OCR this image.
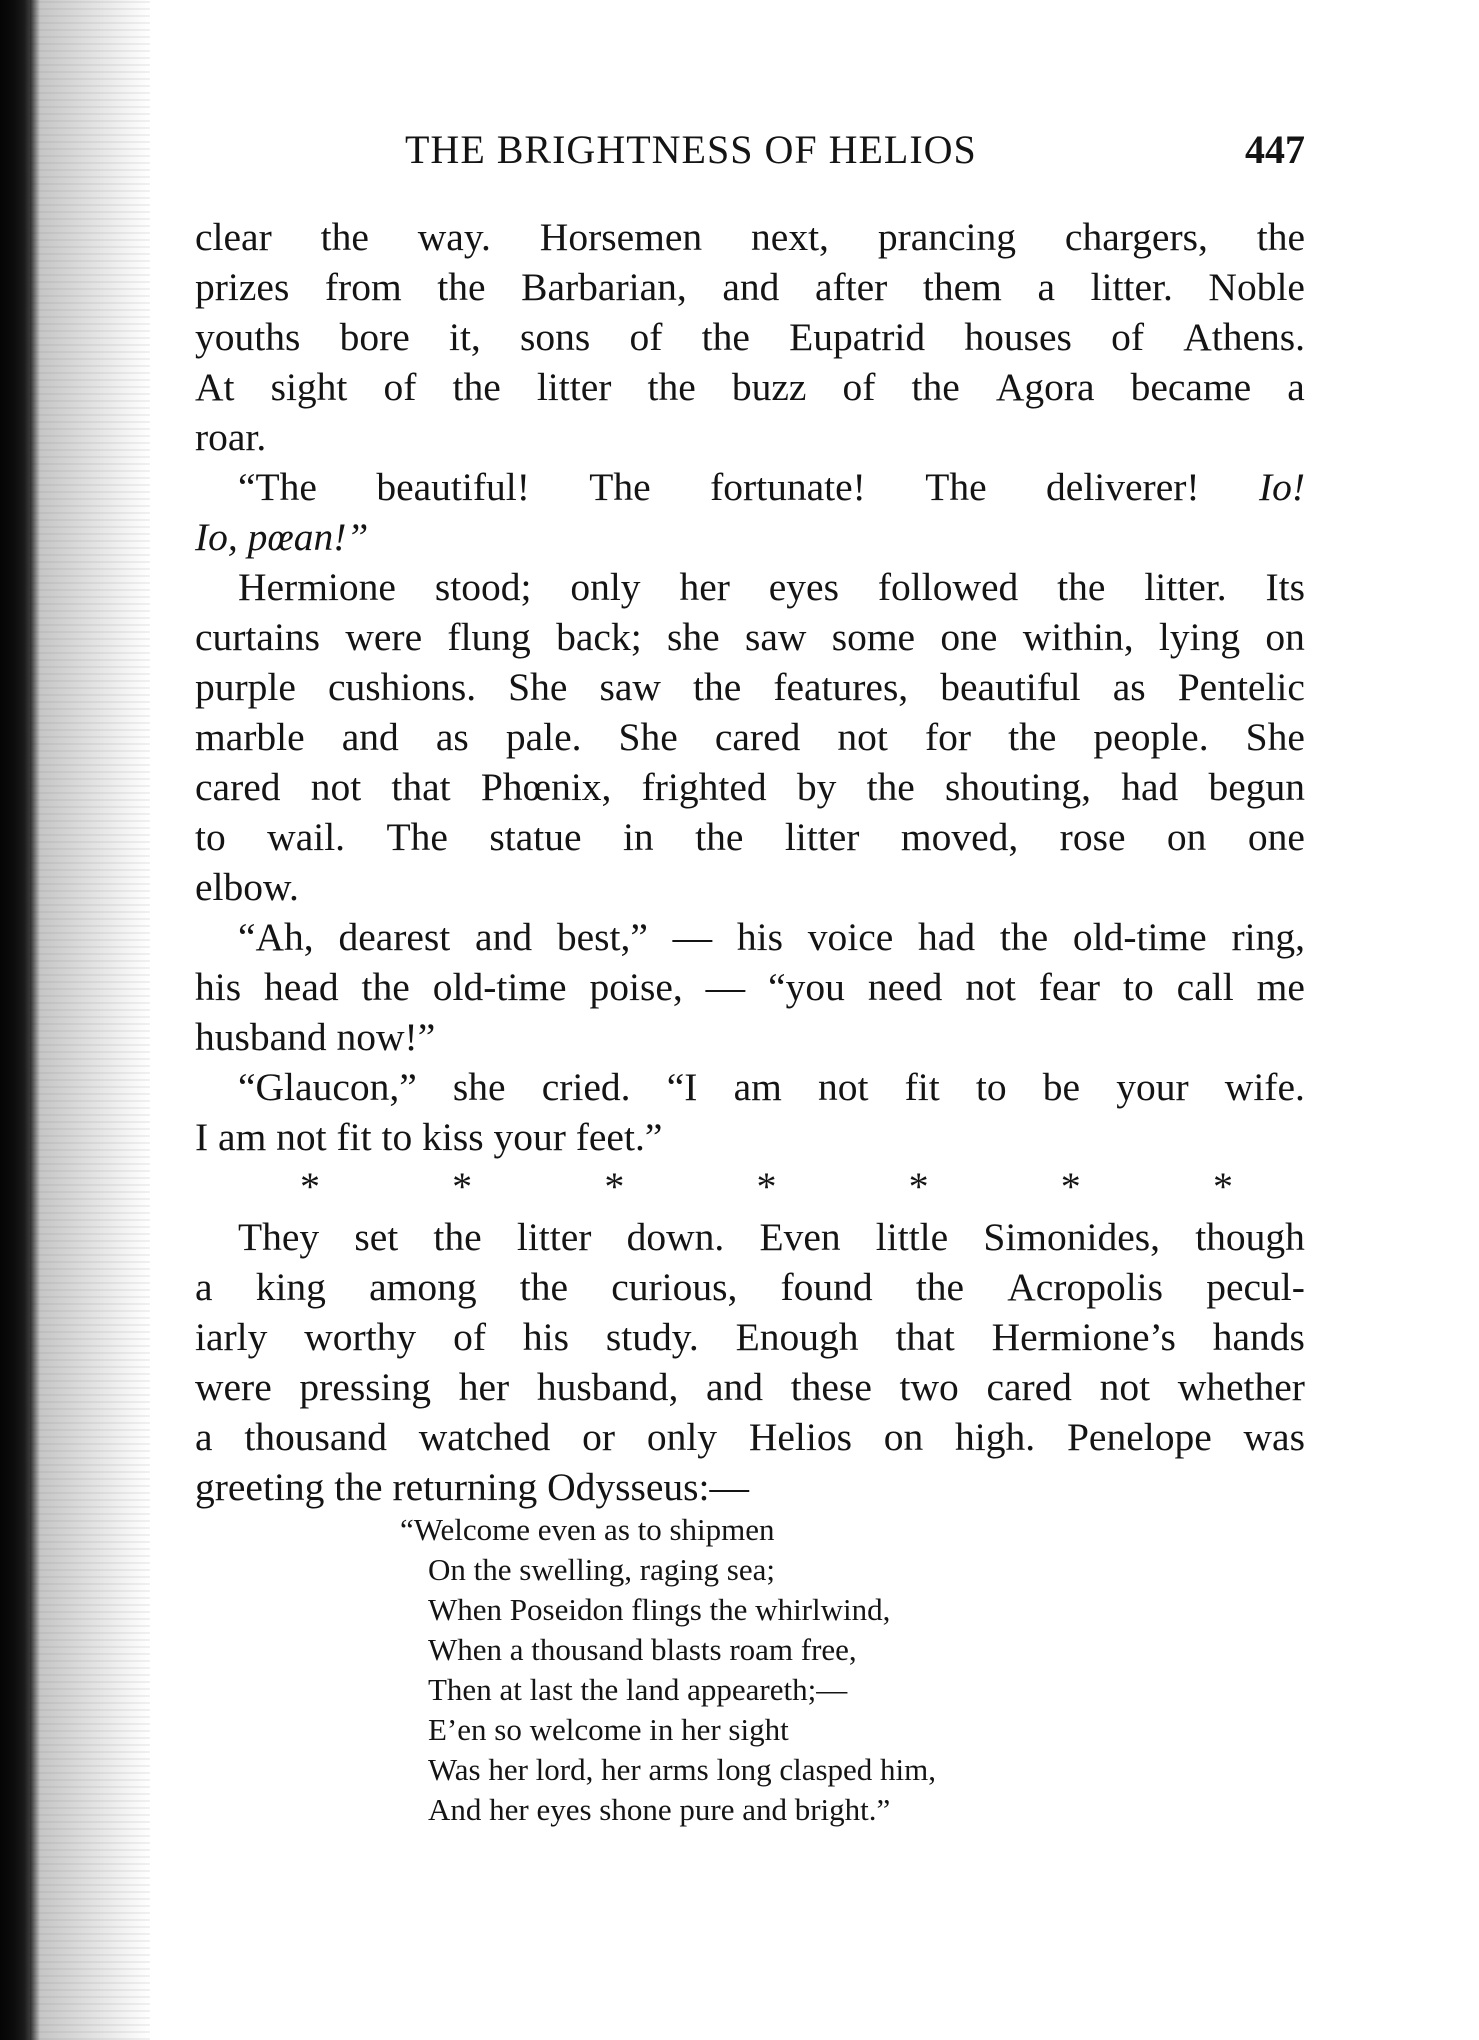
THE BRIGHTNESS OF HELIOS	447
clear the way. Horsemen next, prancing chargers, the
prizes from the Barbarian, and after them a litter. Noble
youths bore it, sons of the Eupatrid houses of Athens.
At sight of the litter the buzz of the Agora became a
roar.
“The beautiful! The fortunate! The deliverer! Io!
Io, pœan!”
Hermione stood; only her eyes followed the litter. Its
curtains were flung back; she saw some one within, lying on
purple cushions. She saw the features, beautiful as Pentelic
marble and as pale. She cared not for the people. She
cared not that Phœnix, frighted by the shouting, had begun
to wail. The statue in the litter moved, rose on one
elbow.
“Ah, dearest and best,” — his voice had the old-time ring,
his head the old-time poise, — “you need not fear to call me
husband
now!”
“Glaucon,” she cried. “I am not fit to be your wife.
I
am
not
fit
to
kiss
your
feet.”
*	*	*	*	*	*	*
They set the litter down. Even little Simonides, though
a king among the curious, found the Acropolis pecul-
iarly worthy of his study. Enough that Hermione’s hands
were pressing her husband, and these two cared not whether
a thousand watched or only Helios on high. Penelope was
greeting
the
returning
Odysseus:—
“Welcome even as to shipmen
On the swelling, raging sea;
When Poseidon flings the whirlwind,
When a thousand blasts roam free,
Then at last the land appeareth;—
E’en so welcome in her sight
Was her lord, her arms long clasped him,
And her eyes shone pure and bright.”
